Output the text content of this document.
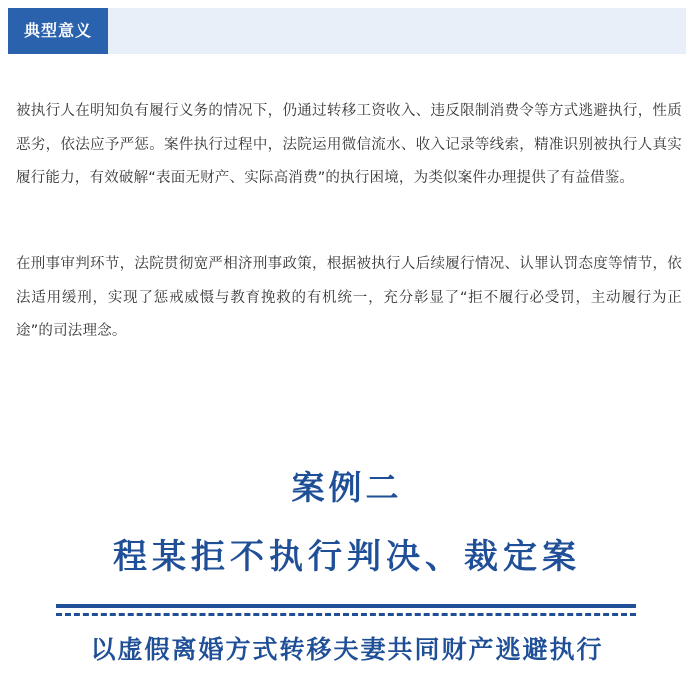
典型意义

被执行人在明知负有履行义务的情况下，仍通过转移工资收入、违反限制消费令等方式逃避执行，性质恶劣，依法应予严惩。案件执行过程中，法院运用微信流水、收入记录等线索，精准识别被执行人真实履行能力，有效破解“表面无财产、实际高消费”的执行困境，为类似案件办理提供了有益借鉴。

在刑事审判环节，法院贯彻宽严相济刑事政策，根据被执行人后续履行情况、认罪认罚态度等情节，依法适用缓刑，实现了惩戒威慑与教育挽救的有机统一，充分彰显了“拒不履行必受罚，主动履行为正途”的司法理念。

案例二
程某拒不执行判决、裁定案
以虚假离婚方式转移夫妻共同财产逃避执行
